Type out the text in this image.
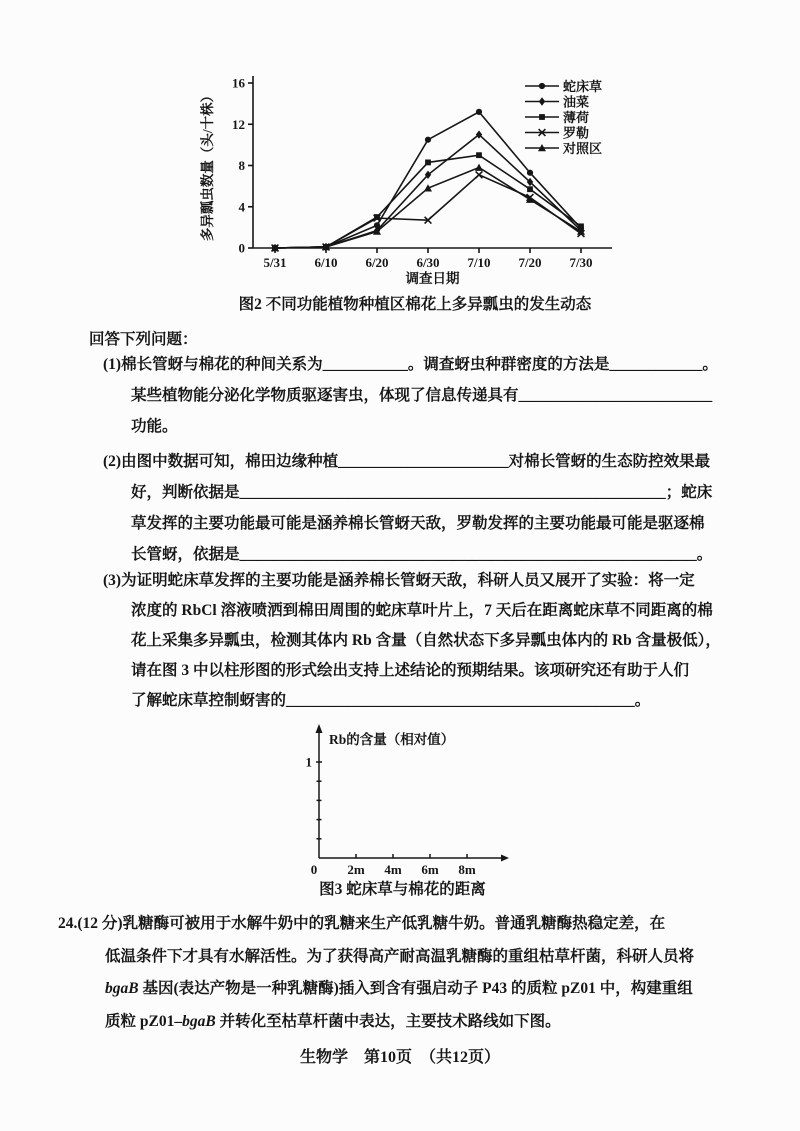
0
4
8
12
16
5/31 6/10 6/20 6/30 7/10 7/20 7/30
多异瓢虫数量（头/十株）
调查日期
蛇床草
油菜
薄荷
罗勒
对照区
图2 不同功能植物种植区棉花上多异瓢虫的发生动态
回答下列问题：
(1)棉长管蚜与棉花的种间关系为___________。调查蚜虫种群密度的方法是____________。
某些植物能分泌化学物质驱逐害虫，体现了信息传递具有_________________________
功能。
(2)由图中数据可知，棉田边缘种植______________________对棉长管蚜的生态防控效果最
好，判断依据是_______________________________________________________；蛇床
草发挥的主要功能最可能是涵养棉长管蚜天敌，罗勒发挥的主要功能最可能是驱逐棉
长管蚜，依据是___________________________________________________________。
(3)为证明蛇床草发挥的主要功能是涵养棉长管蚜天敌，科研人员又展开了实验：将一定
浓度的 RbCl 溶液喷洒到棉田周围的蛇床草叶片上，7 天后在距离蛇床草不同距离的棉
花上采集多异瓢虫，检测其体内 Rb 含量（自然状态下多异瓢虫体内的 Rb 含量极低），
请在图 3 中以柱形图的形式绘出支持上述结论的预期结果。该项研究还有助于人们
了解蛇床草控制蚜害的_____________________________________________。
1
0 2m 4m 6m 8m
Rb的含量（相对值）
图3 蛇床草与棉花的距离
24.(12 分)乳糖酶可被用于水解牛奶中的乳糖来生产低乳糖牛奶。普通乳糖酶热稳定差，在
低温条件下才具有水解活性。为了获得高产耐高温乳糖酶的重组枯草杆菌，科研人员将
bgaB 基因(表达产物是一种乳糖酶)插入到含有强启动子 P43 的质粒 pZ01 中，构建重组
质粒 pZ01–bgaB 并转化至枯草杆菌中表达，主要技术路线如下图。
生物学　第10页　（共12页）
